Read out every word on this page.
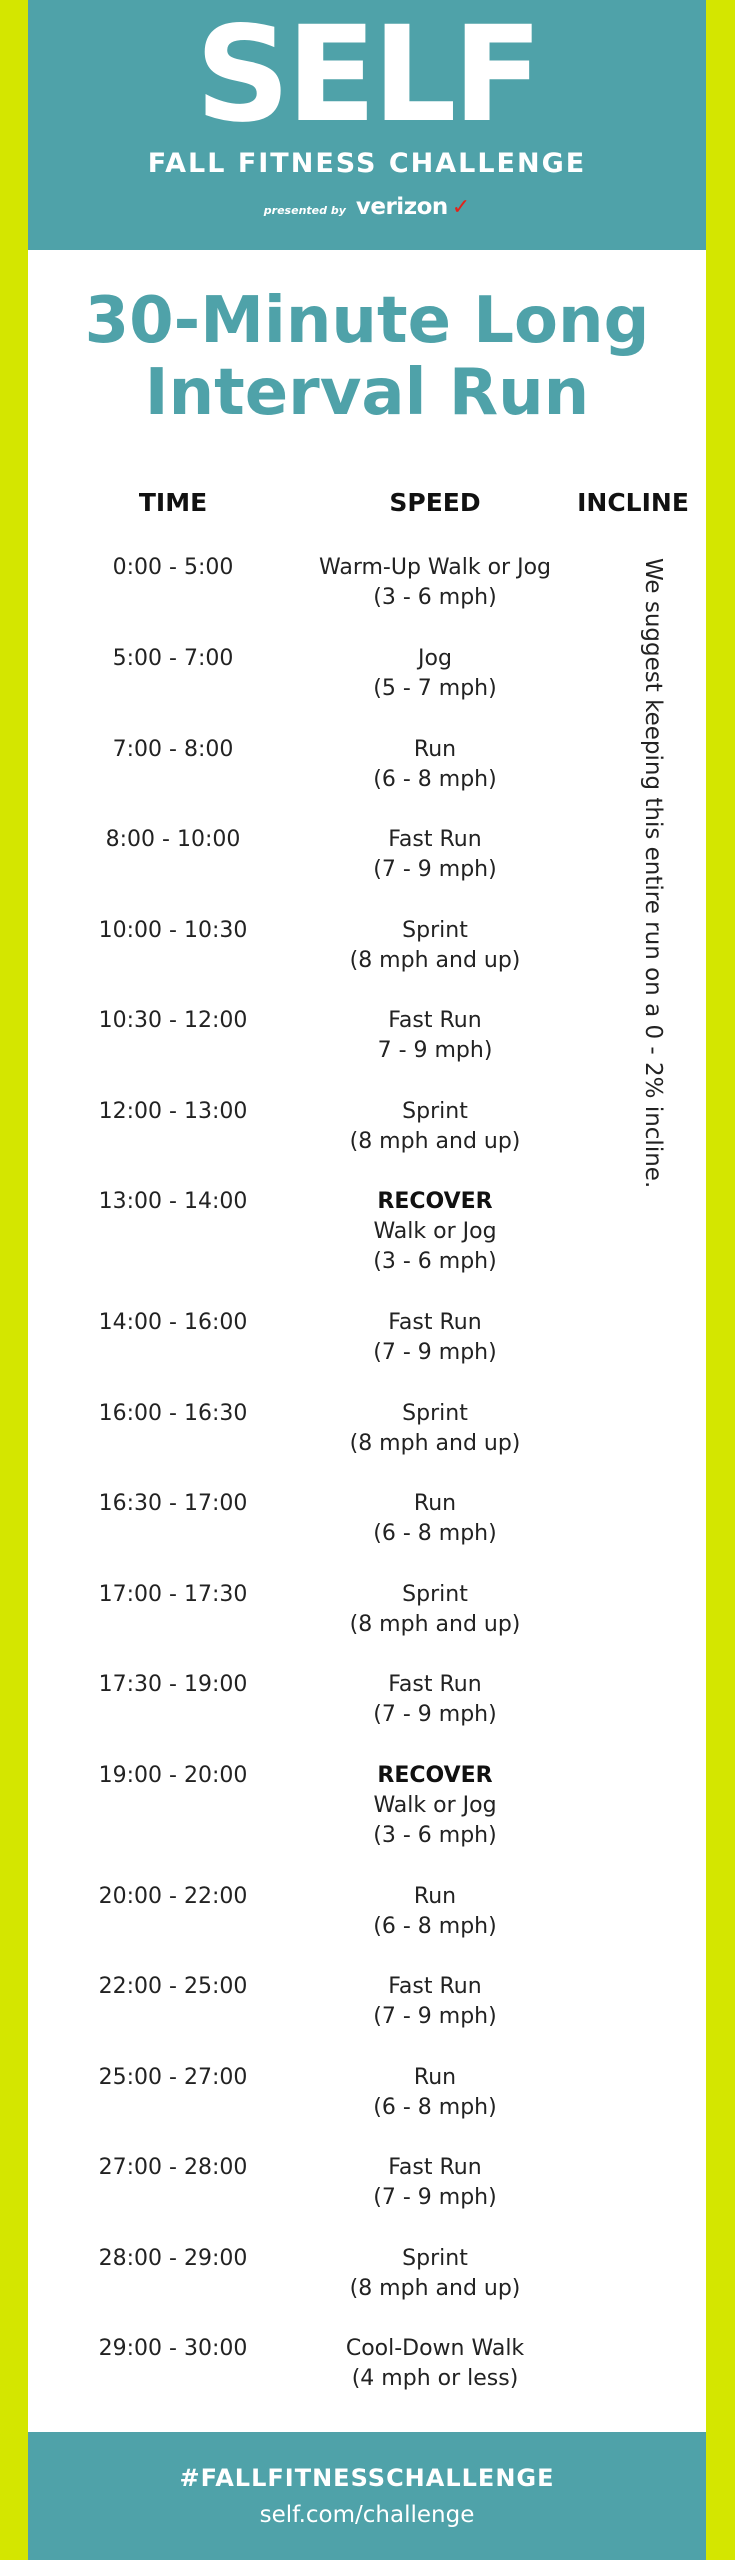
SELF
FALL FITNESS CHALLENGE
presented by verizon ✓
30-Minute Long
Interval Run
TIME	SPEED	INCLINE
0:00 - 5:00	Warm-Up Walk or Jog
(3 - 6 mph)
5:00 - 7:00	Jog
(5 - 7 mph)
7:00 - 8:00	Run
(6 - 8 mph)
8:00 - 10:00	Fast Run
(7 - 9 mph)
10:00 - 10:30	Sprint
(8 mph and up)
10:30 - 12:00	Fast Run
7 - 9 mph)
12:00 - 13:00	Sprint
(8 mph and up)
13:00 - 14:00	RECOVER
Walk or Jog
(3 - 6 mph)
14:00 - 16:00	Fast Run
(7 - 9 mph)
16:00 - 16:30	Sprint
(8 mph and up)
16:30 - 17:00	Run
(6 - 8 mph)
17:00 - 17:30	Sprint
(8 mph and up)
17:30 - 19:00	Fast Run
(7 - 9 mph)
19:00 - 20:00	RECOVER
Walk or Jog
(3 - 6 mph)
20:00 - 22:00	Run
(6 - 8 mph)
22:00 - 25:00	Fast Run
(7 - 9 mph)
25:00 - 27:00	Run
(6 - 8 mph)
27:00 - 28:00	Fast Run
(7 - 9 mph)
28:00 - 29:00	Sprint
(8 mph and up)
29:00 - 30:00	Cool-Down Walk
(4 mph or less)
We suggest keeping this entire run on a 0 - 2% incline.
#FALLFITNESSCHALLENGE
self.com/challenge
